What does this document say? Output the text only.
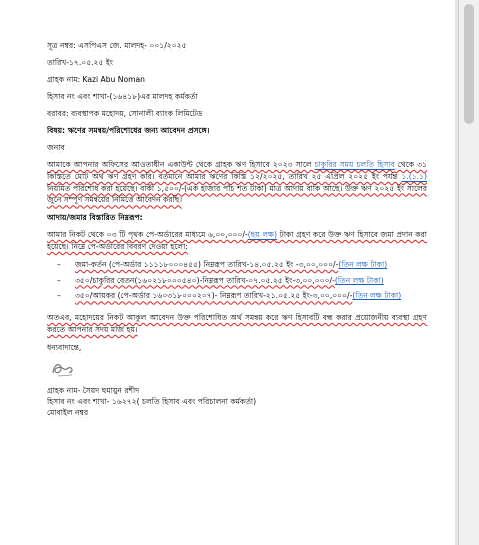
সূত্র নম্বর: এসপিএস জে. মালদহ- ০০১/২০২৫
তারিখ-১৭.০৫.২৫ ইং
গ্রাহক নাম: Kazi Abu Noman
হিসাব নং এবং শাখা-(১৬৪১৮)এর মালদহ কর্মকর্তা
বরাবর: ব্যবস্থাপক মহোদয়, সোনালী ব্যাংক লিমিটেড
বিষয়: ঋণের সমন্বয়/পরিশোধের জন্য আবেদন প্রসঙ্গে।
জনাব
আমাকে আপনার অফিসের আওতাধীন একাউন্ট থেকে গ্রাহক ঋণ হিসাবে ২০২৩ সালে চাকুরির সময় চলতি হিসাব থেকে ৩১ কিস্তিতে মোট অর্থ ঋণ গ্রহণ করি। বর্তমানে আমার ঋণের কিস্তি ১২/২০২৫, তারিখ ২৫ এপ্রিল ২০২৫ ইং পর্যন্ত ১.(১.১) নিয়মিত পরিশোধ করা হয়েছে। বাকী ১,৫০০/-(এক হাজার পাঁচ শত টাকা) মাত্র আদায় বাকি আছে। উক্ত ঋণ ২০২৫ ইং সালের জুনে সম্পূর্ণ সমন্বয়ের নিমিত্তে আবেদন করছি।
আদায়/জমার বিস্তারিত নিম্নরূপ:
আমার নিকট থেকে ০৩ টি পৃথক পে-অর্ডারের মাধ্যমে ৬,০০,০০০/-(ছয় লক্ষ) টাকা গ্রহণ করে উক্ত ঋণ হিসাবে জমা প্রদান করা হয়েছে। নিম্নে পে-অর্ডারের বিবরণ দেওয়া হলো:
– জমা-কর্তন (পে-অর্ডার ১১১১৮০০০৪৫৫) নিম্নরূপ তারিখ-১৪.০৫.২৫ ইং -৩,০০,০০০/-(তিন লক্ষ টাকা)
– ৩৫০/চাকুরির বেতন(১৬০২১৮০০০৫৪০)-নিম্নরূপ তারিখ-০৭.০৫.২৫ ইং-৩,০০,০০০/-(তিন লক্ষ টাকা)
– ৩৫০/আয়কর (পে-অর্ডার ১৬০৩১৮০০০২০৭)- নিম্নরূপ তারিখ-২১.০৫.২৫ ইং-৩,০০,০০০/-(তিন লক্ষ টাকা)
অতএব, মহোদয়ের নিকট আকুল আবেদন উক্ত পরিশোধিত অর্থ সমন্বয় করে ঋণ হিসাবটি বন্ধ করার প্রয়োজনীয় ব্যবস্থা গ্রহণ করতে আপনার সদয় মর্জি হয়।
ধন্যবাদান্তে,
গ্রাহক নাম- সৈয়দ হুমায়ুন রশীদ
হিসাব নং এবং শাখা- ১৬২৭২( চলতি হিসাব এবং পরিচালনা কর্মকর্তা)
মোবাইল নম্বর
